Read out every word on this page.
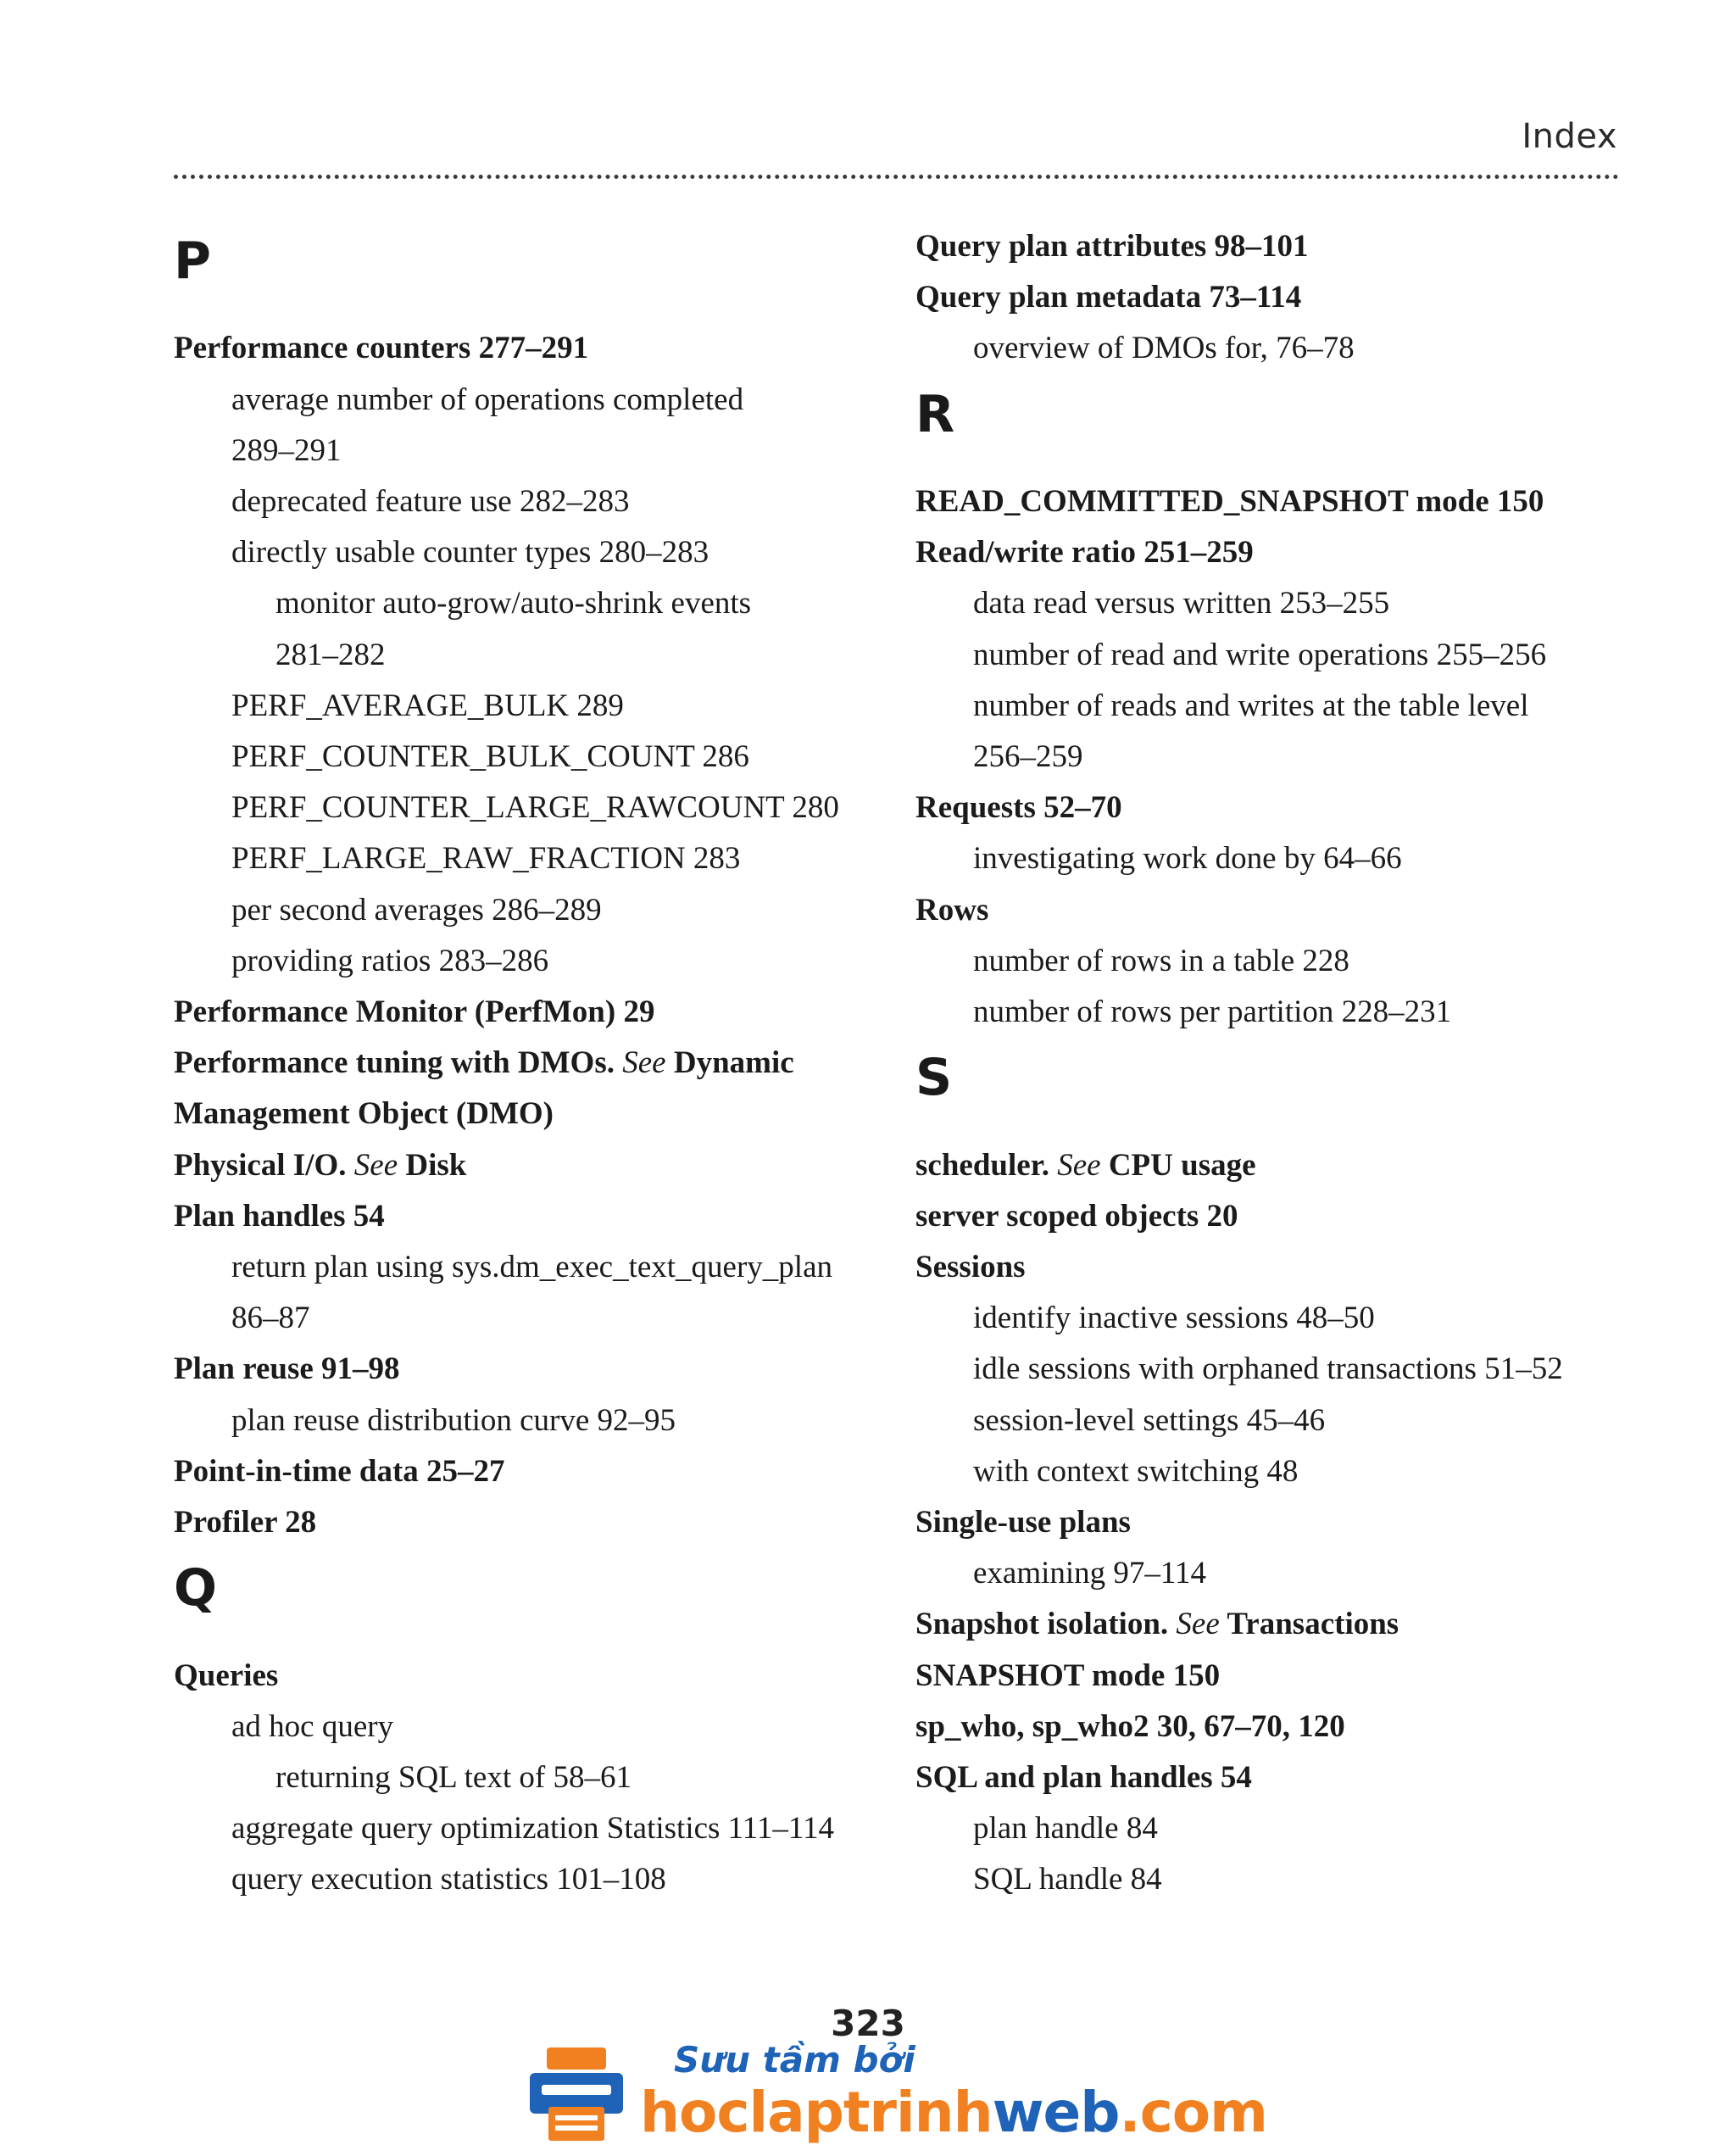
Index
P
Performance counters 277–291
average number of operations completed
289–291
deprecated feature use 282–283
directly usable counter types 280–283
monitor auto-grow/auto-shrink events
281–282
PERF_AVERAGE_BULK 289
PERF_COUNTER_BULK_COUNT 286
PERF_COUNTER_LARGE_RAWCOUNT 280
PERF_LARGE_RAW_FRACTION 283
per second averages 286–289
providing ratios 283–286
Performance Monitor (PerfMon) 29
Performance tuning with DMOs. See Dynamic
Management Object (DMO)
Physical I/O. See Disk
Plan handles 54
return plan using sys.dm_exec_text_query_plan
86–87
Plan reuse 91–98
plan reuse distribution curve 92–95
Point-in-time data 25–27
Profiler 28
Q
Queries
ad hoc query
returning SQL text of 58–61
aggregate query optimization Statistics 111–114
query execution statistics 101–108
Query plan attributes 98–101
Query plan metadata 73–114
overview of DMOs for, 76–78
R
READ_COMMITTED_SNAPSHOT mode 150
Read/write ratio 251–259
data read versus written 253–255
number of read and write operations 255–256
number of reads and writes at the table level
256–259
Requests 52–70
investigating work done by 64–66
Rows
number of rows in a table 228
number of rows per partition 228–231
S
scheduler. See CPU usage
server scoped objects 20
Sessions
identify inactive sessions 48–50
idle sessions with orphaned transactions 51–52
session-level settings 45–46
with context switching 48
Single-use plans
examining 97–114
Snapshot isolation. See Transactions
SNAPSHOT mode 150
sp_who, sp_who2 30, 67–70, 120
SQL and plan handles 54
plan handle 84
SQL handle 84
323
Sưu tầm bởi
hoclaptrinhweb.com
